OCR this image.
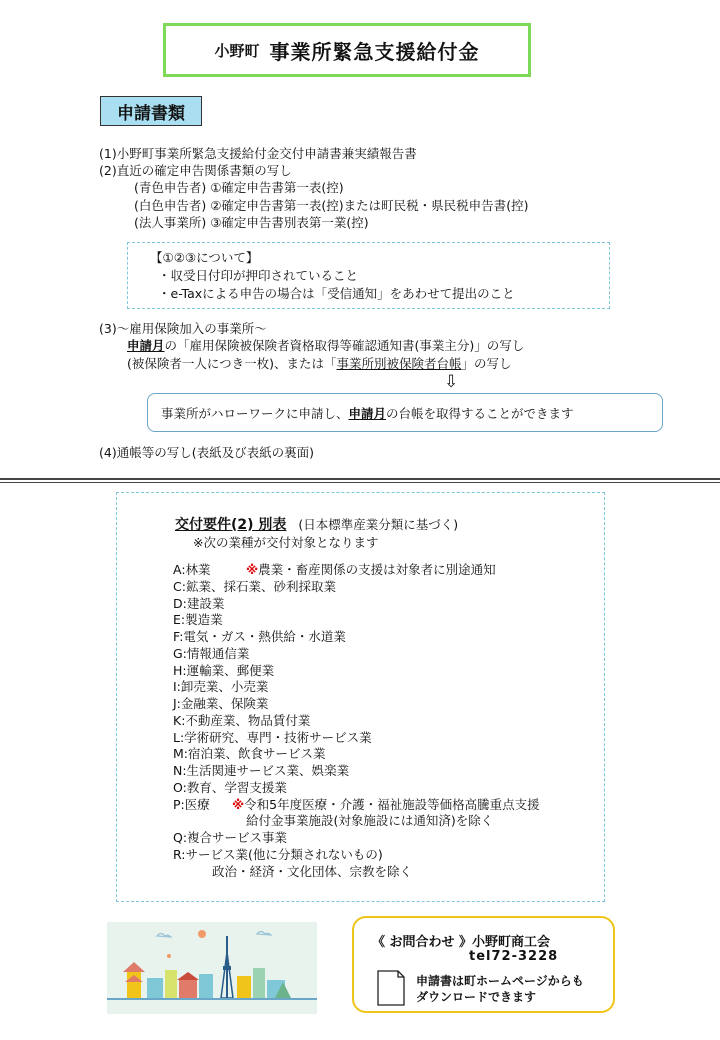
小野町 事業所緊急支援給付金
申請書類
(1)小野町事業所緊急支援給付金交付申請書兼実績報告書
(2)直近の確定申告関係書類の写し
(青色申告者) ①確定申告書第一表(控)
(白色申告者) ②確定申告書第一表(控)または町民税・県民税申告書(控)
(法人事業所) ③確定申告書別表第一業(控)
【①②③について】
・収受日付印が押印されていること
・e-Taxによる申告の場合は「受信通知」をあわせて提出のこと
(3)～雇用保険加入の事業所～
申請月の「雇用保険被保険者資格取得等確認通知書(事業主分)」の写し
(被保険者一人につき一枚)、または「事業所別被保険者台帳」の写し
⇩
事業所がハローワークに申請し、 申請月 の台帳を取得することができます
(4)通帳等の写し(表紙及び表紙の裏面)
交付要件(2) 別表 (日本標準産業分類に基づく)
※次の業種が交付対象となります
A:林業	※農業・畜産関係の支援は対象者に別途通知
C:鉱業、採石業、砂利採取業
D:建設業
E:製造業
F:電気・ガス・熱供給・水道業
G:情報通信業
H:運輸業、郵便業
I:卸売業、小売業
J:金融業、保険業
K:不動産業、物品賃付業
L:学術研究、専門・技術サービス業
M:宿泊業、飲食サービス業
N:生活関連サービス業、娯楽業
O:教育、学習支援業
P:医療 ※令和5年度医療・介護・福祉施設等価格高騰重点支援
給付金事業施設(対象施設には通知済)を除く
Q:複合サービス事業
R:サービス業(他に分類されないもの)
政治・経済・文化団体、宗教を除く
《 お問合わせ 》小野町商工会
tel72-3228
申請書は町ホームページからも
ダウンロードできます
